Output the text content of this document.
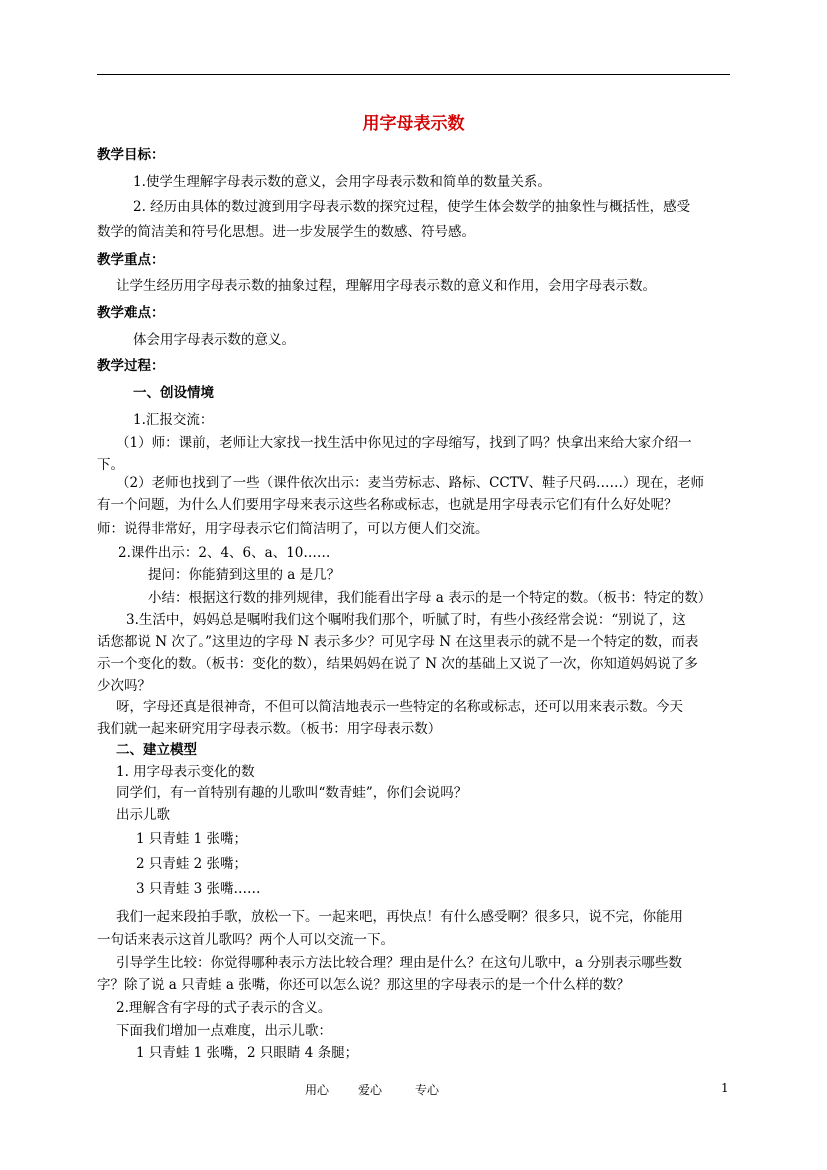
用字母表示数
教学目标：
1.使学生理解字母表示数的意义，会用字母表示数和简单的数量关系。
2. 经历由具体的数过渡到用字母表示数的探究过程，使学生体会数学的抽象性与概括性，感受
数学的简洁美和符号化思想。进一步发展学生的数感、符号感。
教学重点：
让学生经历用字母表示数的抽象过程，理解用字母表示数的意义和作用，会用字母表示数。
教学难点：
体会用字母表示数的意义。
教学过程：
一、创设情境
1.汇报交流：
（1）师：课前，老师让大家找一找生活中你见过的字母缩写，找到了吗？快拿出来给大家介绍一
下。
（2）老师也找到了一些（课件依次出示：麦当劳标志、路标、CCTV、鞋子尺码……）现在，老师
有一个问题，为什么人们要用字母来表示这些名称或标志，也就是用字母表示它们有什么好处呢？
师：说得非常好，用字母表示它们简洁明了，可以方便人们交流。
2.课件出示：2、4、6、a、10……
提问：你能猜到这里的 a 是几？
小结：根据这行数的排列规律，我们能看出字母 a 表示的是一个特定的数。（板书：特定的数）
3.生活中，妈妈总是嘱咐我们这个嘱咐我们那个，听腻了时，有些小孩经常会说：“别说了，这
话您都说 N 次了。”这里边的字母 N 表示多少？可见字母 N 在这里表示的就不是一个特定的数，而表
示一个变化的数。（板书：变化的数），结果妈妈在说了 N 次的基础上又说了一次，你知道妈妈说了多
少次吗？
呀，字母还真是很神奇，不但可以简洁地表示一些特定的名称或标志，还可以用来表示数。今天
我们就一起来研究用字母表示数。（板书：用字母表示数）
二、建立模型
1. 用字母表示变化的数
同学们，有一首特别有趣的儿歌叫“数青蛙”，你们会说吗？
出示儿歌
1 只青蛙 1 张嘴；
2 只青蛙 2 张嘴；
3 只青蛙 3 张嘴……
我们一起来段拍手歌，放松一下。一起来吧，再快点！有什么感受啊？很多只，说不完，你能用
一句话来表示这首儿歌吗？两个人可以交流一下。
引导学生比较：你觉得哪种表示方法比较合理？理由是什么？在这句儿歌中，a 分别表示哪些数
字？除了说 a 只青蛙 a 张嘴，你还可以怎么说？那这里的字母表示的是一个什么样的数？
2.理解含有字母的式子表示的含义。
下面我们增加一点难度，出示儿歌：
1 只青蛙 1 张嘴，2 只眼睛 4 条腿；
用心 爱心	专心	1
